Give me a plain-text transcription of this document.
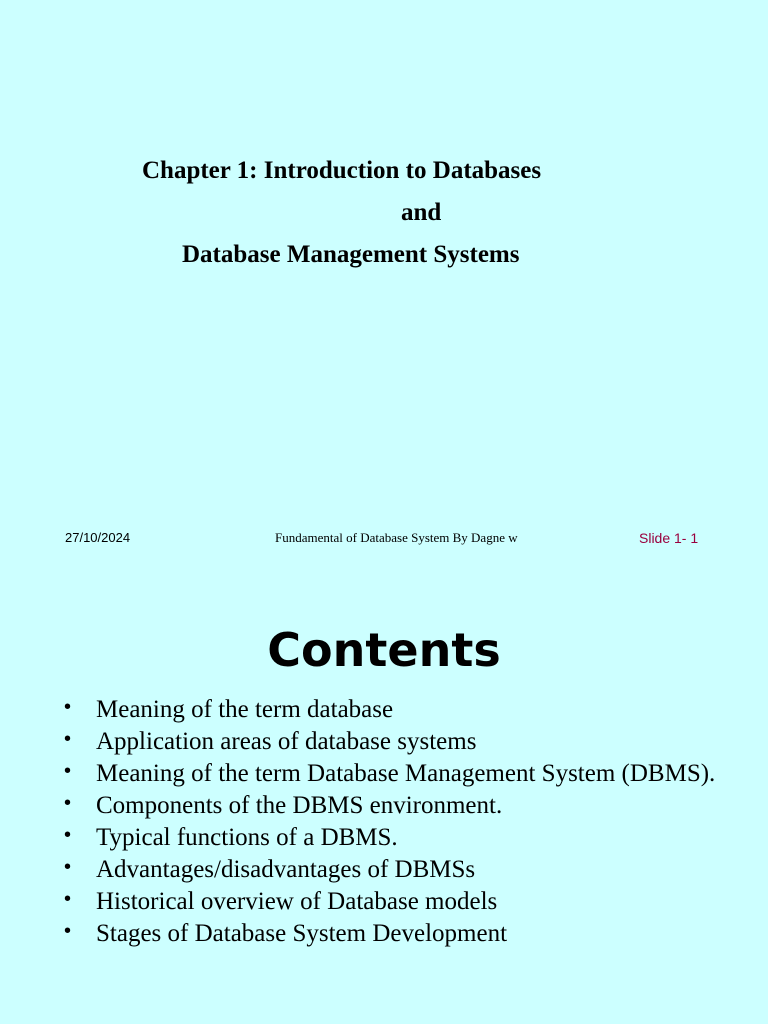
Chapter 1: Introduction to Databases
and
Database Management Systems
27/10/2024	Fundamental of Database System By Dagne w	Slide 1- 1
Contents
• Meaning of the term database
• Application areas of database systems
• Meaning of the term Database Management System (DBMS).
• Components of the DBMS environment.
• Typical functions of a DBMS.
• Advantages/disadvantages of DBMSs
• Historical overview of Database models
• Stages of Database System Development
